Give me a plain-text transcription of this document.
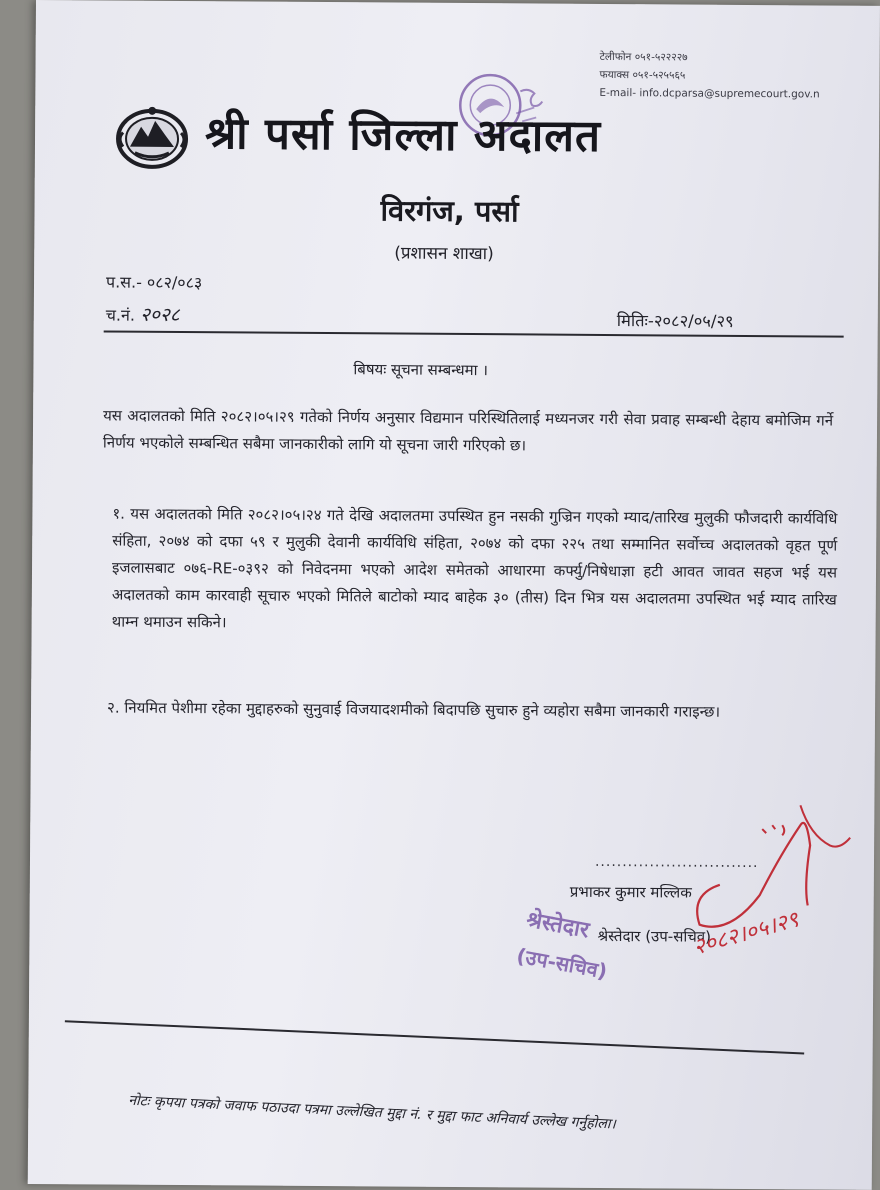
टेलीफोन ०५१-५२२२२७
फयाक्स ०५१-५२५५६५
E-mail- info.dcparsa@supremecourt.gov.n
श्री पर्सा जिल्ला अदालत
विरगंज, पर्सा
(प्रशासन शाखा)
प.स.- ०८२/०८३
च.नं. २०२८	मितिः-२०८२/०५/२९
बिषयः सूचना सम्बन्धमा ।
यस अदालतको मिति २०८२।०५।२९ गतेको निर्णय अनुसार विद्यमान परिस्थितिलाई मध्यनजर गरी सेवा प्रवाह सम्बन्धी देहाय बमोजिम गर्ने निर्णय भएकोले सम्बन्धित सबैमा जानकारीको लागि यो सूचना जारी गरिएको छ।
१. यस अदालतको मिति २०८२।०५।२४ गते देखि अदालतमा उपस्थित हुन नसकी गुज्रिन गएको म्याद/तारिख मुलुकी फौजदारी कार्यविधि संहिता, २०७४ को दफा ५९ र मुलुकी देवानी कार्यविधि संहिता, २०७४ को दफा २२५ तथा सम्मानित सर्वोच्च अदालतको वृहत पूर्ण इजलासबाट ०७६-RE-०३९२ को निवेदनमा भएको आदेश समेतको आधारमा कर्फ्यु/निषेधाज्ञा हटी आवत जावत सहज भई यस अदालतको काम कारवाही सूचारु भएको मितिले बाटोको म्याद बाहेक ३० (तीस) दिन भित्र यस अदालतमा उपस्थित भई म्याद तारिख थाम्न थमाउन सकिने।
२. नियमित पेशीमा रहेका मुद्दाहरुको सुनुवाई विजयादशमीको बिदापछि सुचारु हुने व्यहोरा सबैमा जानकारी गराइन्छ।
..............................
प्रभाकर कुमार मल्लिक
श्रेस्तेदार (उप-सचिव)
श्रेस्तेदार
(उप-सचिव)
२०८२।०५।२९
नोटः कृपया पत्रको जवाफ पठाउदा पत्रमा उल्लेखित मुद्दा नं. र मुद्दा फाट अनिवार्य उल्लेख गर्नुहोला।
